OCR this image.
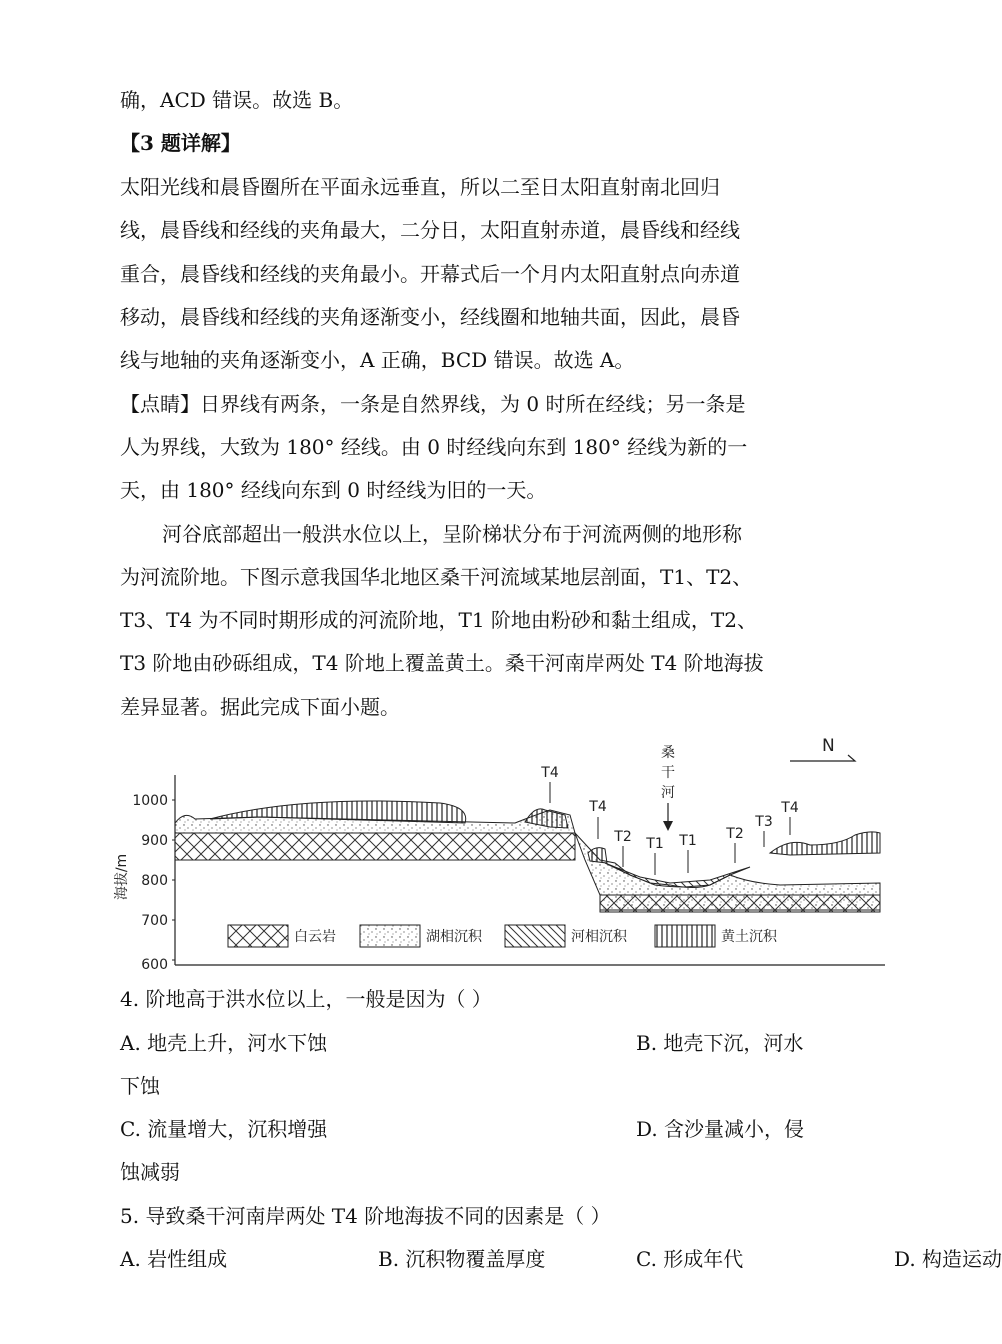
确，ACD 错误。故选 B。
【3 题详解】
太阳光线和晨昏圈所在平面永远垂直，所以二至日太阳直射南北回归
线，晨昏线和经线的夹角最大，二分日，太阳直射赤道，晨昏线和经线
重合，晨昏线和经线的夹角最小。开幕式后一个月内太阳直射点向赤道
移动，晨昏线和经线的夹角逐渐变小，经线圈和地轴共面，因此，晨昏
线与地轴的夹角逐渐变小，A 正确，BCD 错误。故选 A。
【点睛】日界线有两条，一条是自然界线，为 0 时所在经线；另一条是
人为界线，大致为 180° 经线。由 0 时经线向东到 180° 经线为新的一
天，由 180° 经线向东到 0 时经线为旧的一天。
河谷底部超出一般洪水位以上，呈阶梯状分布于河流两侧的地形称
为河流阶地。下图示意我国华北地区桑干河流域某地层剖面，T1、T2、
T3、T4 为不同时期形成的河流阶地，T1 阶地由粉砂和黏土组成，T2、
T3 阶地由砂砾组成，T4 阶地上覆盖黄土。桑干河南岸两处 T4 阶地海拔
差异显著。据此完成下面小题。
1000
900
800
700
600
海拔/m
T4
T4
T2 T1 T1 T2
T3
T4
桑
干
河
N
白云岩	湖相沉积	河相沉积	黄土沉积
4. 阶地高于洪水位以上，一般是因为（ ）
A. 地壳上升，河水下蚀	B. 地壳下沉，河水
下蚀
C. 流量增大，沉积增强	D. 含沙量减小，侵
蚀减弱
5. 导致桑干河南岸两处 T4 阶地海拔不同的因素是（ ）
A. 岩性组成	B. 沉积物覆盖厚度	C. 形成年代	D. 构造运动
